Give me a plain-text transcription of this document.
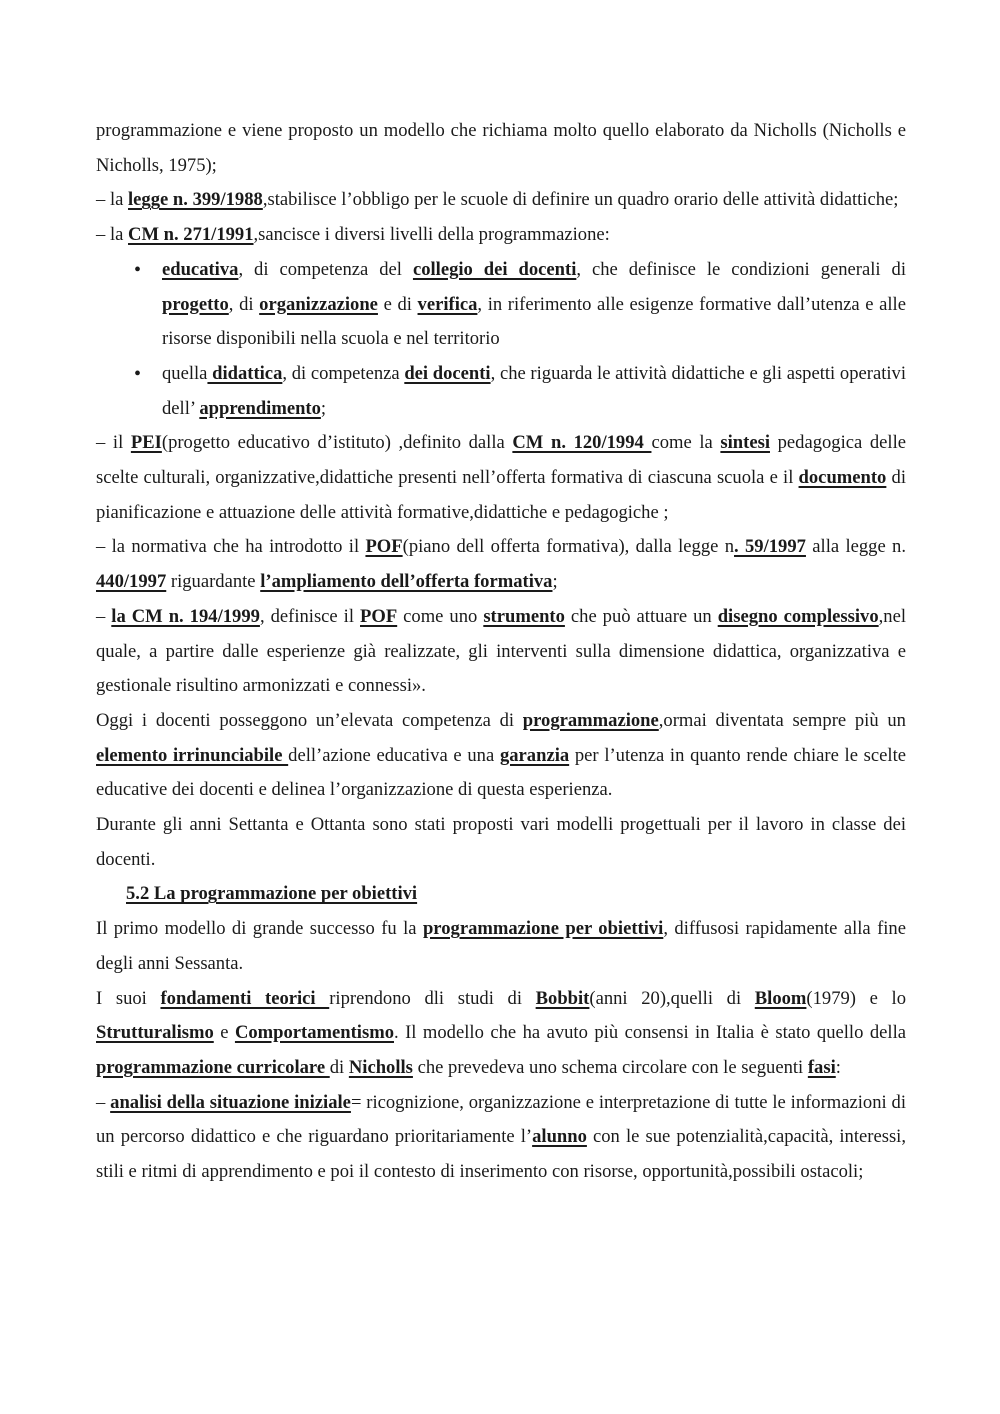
programmazione e viene proposto un modello che richiama molto quello elaborato da Nicholls (Nicholls e Nicholls, 1975);

– la legge n. 399/1988,stabilisce l’obbligo per le scuole di definire un quadro orario delle attività didattiche;

– la CM n. 271/1991,sancisce i diversi livelli della programmazione:

• educativa, di competenza del collegio dei docenti, che definisce le condizioni generali di progetto, di organizzazione e di verifica, in riferimento alle esigenze formative dall’utenza e alle risorse disponibili nella scuola e nel territorio
• quella didattica, di competenza dei docenti, che riguarda le attività didattiche e gli aspetti operativi dell’ apprendimento;

– il PEI(progetto educativo d’istituto) ,definito dalla CM n. 120/1994 come la sintesi pedagogica delle scelte culturali, organizzative,didattiche presenti nell’offerta formativa di ciascuna scuola e il documento di pianificazione e attuazione delle attività formative,didattiche e pedagogiche ;

– la normativa che ha introdotto il POF(piano dell offerta formativa), dalla legge n. 59/1997 alla legge n. 440/1997 riguardante l’ampliamento dell’offerta formativa;

– la CM n. 194/1999, definisce il POF come uno strumento che può attuare un disegno complessivo,nel quale, a partire dalle esperienze già realizzate, gli interventi sulla dimensione didattica, organizzativa e gestionale risultino armonizzati e connessi».

Oggi i docenti posseggono un’elevata competenza di programmazione,ormai diventata sempre più un elemento irrinunciabile dell’azione educativa e una garanzia per l’utenza in quanto rende chiare le scelte educative dei docenti e delinea l’organizzazione di questa esperienza.

Durante gli anni Settanta e Ottanta sono stati proposti vari modelli progettuali per il lavoro in classe dei docenti.

5.2 La programmazione per obiettivi

Il primo modello di grande successo fu la programmazione per obiettivi, diffusosi rapidamente alla fine degli anni Sessanta.

I suoi fondamenti teorici riprendono dli studi di Bobbit(anni 20),quelli di Bloom(1979) e lo Strutturalismo e Comportamentismo. Il modello che ha avuto più consensi in Italia è stato quello della programmazione curricolare di Nicholls che prevedeva uno schema circolare con le seguenti fasi:

– analisi della situazione iniziale= ricognizione, organizzazione e interpretazione di tutte le informazioni di un percorso didattico e che riguardano prioritariamente l’alunno con le sue potenzialità,capacità, interessi, stili e ritmi di apprendimento e poi il contesto di inserimento con risorse, opportunità,possibili ostacoli;
